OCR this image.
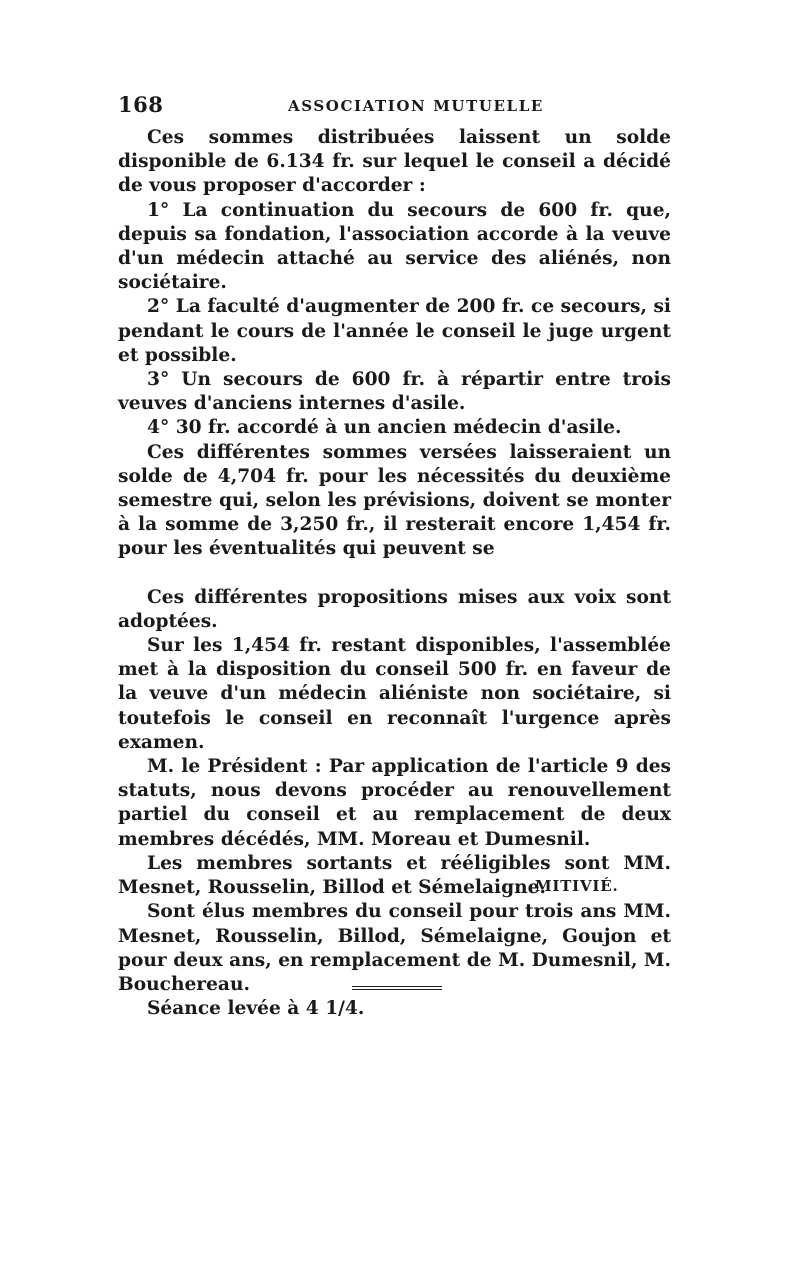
168	ASSOCIATION MUTUELLE

Ces sommes distribuées laissent un solde disponible de 6.134 fr. sur lequel le conseil a décidé de vous proposer d'accorder :

1° La continuation du secours de 600 fr. que, depuis sa fondation, l'association accorde à la veuve d'un médecin attaché au service des aliénés, non sociétaire.

2° La faculté d'augmenter de 200 fr. ce secours, si pendant le cours de l'année le conseil le juge urgent et possible.

3° Un secours de 600 fr. à répartir entre trois veuves d'anciens internes d'asile.

4° 30 fr. accordé à un ancien médecin d'asile.

Ces différentes sommes versées laisseraient un solde de 4,704 fr. pour les nécessités du deuxième semestre qui, selon les prévisions, doivent se monter à la somme de 3,250 fr., il resterait encore 1,454 fr. pour les éventualités qui peuvent se

Ces différentes propositions mises aux voix sont adoptées.

Sur les 1,454 fr. restant disponibles, l'assemblée met à la disposition du conseil 500 fr. en faveur de la veuve d'un médecin aliéniste non sociétaire, si toutefois le conseil en reconnaît l'urgence après examen.

M. le Président : Par application de l'article 9 des statuts, nous devons procéder au renouvellement partiel du conseil et au remplacement de deux membres décédés, MM. Moreau et Dumesnil.

Les membres sortants et rééligibles sont MM. Mesnet, Rousselin, Billod et Sémelaigne.

Sont élus membres du conseil pour trois ans MM. Mesnet, Rousselin, Billod, Sémelaigne, Goujon et pour deux ans, en remplacement de M. Dumesnil, M. Bouchereau.

Séance levée à 4 1/4.

MITIVIÉ.
